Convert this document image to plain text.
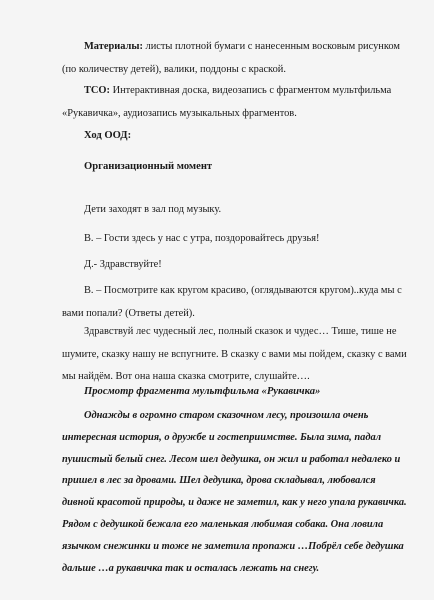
Материалы: листы плотной бумаги с нанесенным восковым рисунком (по количеству детей), валики, поддоны с краской.

ТСО: Интерактивная доска, видеозапись с фрагментом мультфильма «Рукавичка», аудиозапись музыкальных фрагментов.

Ход ООД:

Организационный момент

Дети заходят в зал под музыку.

В. – Гости здесь у нас с утра, поздоровайтесь друзья!

Д.- Здравствуйте!

В. – Посмотрите как кругом красиво, (оглядываются кругом)..куда мы с вами попали? (Ответы детей).

Здравствуй лес чудесный лес, полный сказок и чудес… Тише, тише не шумите, сказку нашу не вспугните. В сказку с вами мы пойдем, сказку с вами мы найдём. Вот она наша сказка смотрите, слушайте….

Просмотр фрагмента мультфильма «Рукавичка»

Однажды в огромно старом сказочном лесу, произошла очень интересная история, о дружбе и гостеприимстве. Была зима, падал пушистый белый снег. Лесом шел дедушка, он жил и работал недалеко и пришел в лес за дровами. Шел дедушка, дрова складывал, любовался дивной красотой природы, и даже не заметил, как у него упала рукавичка. Рядом с дедушкой бежала его маленькая любимая собака. Она ловила язычком снежинки и тоже не заметила пропажи …Побрёл себе дедушка дальше …а рукавичка так и осталась лежать на снегу.
